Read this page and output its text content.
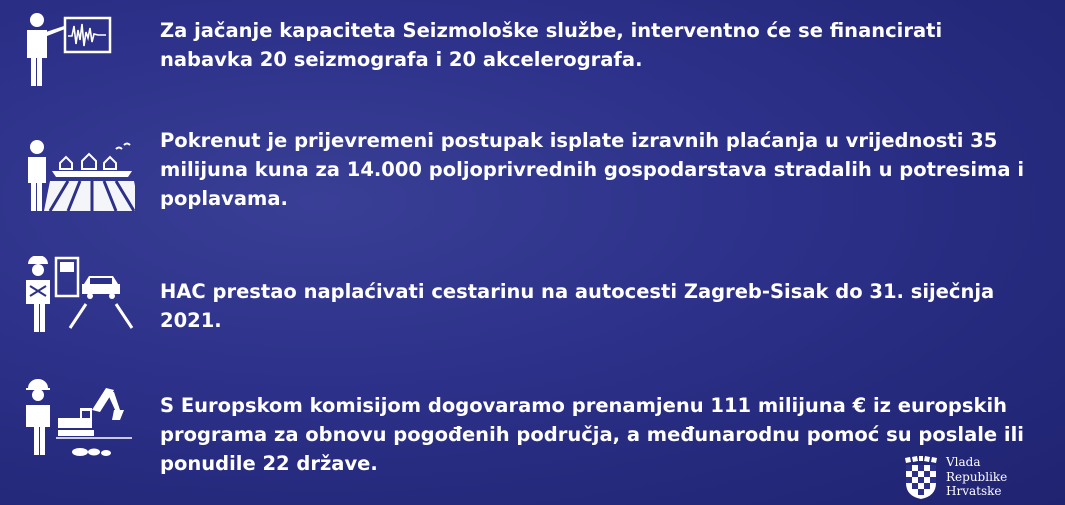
Za jačanje kapaciteta Seizmološke službe, interventno će se financirati nabavka 20 seizmografa i 20 akcelerografa.

Pokrenut je prijevremeni postupak isplate izravnih plaćanja u vrijednosti 35 milijuna kuna za 14.000 poljoprivrednih gospodarstava stradalih u potresima i poplavama.

HAC prestao naplaćivati cestarinu na autocesti Zagreb-Sisak do 31. siječnja 2021.

S Europskom komisijom dogovaramo prenamjenu 111 milijuna € iz europskih programa za obnovu pogođenih područja, a međunarodnu pomoć su poslale ili ponudile 22 države.	Vlada
Republike
Hrvatske
